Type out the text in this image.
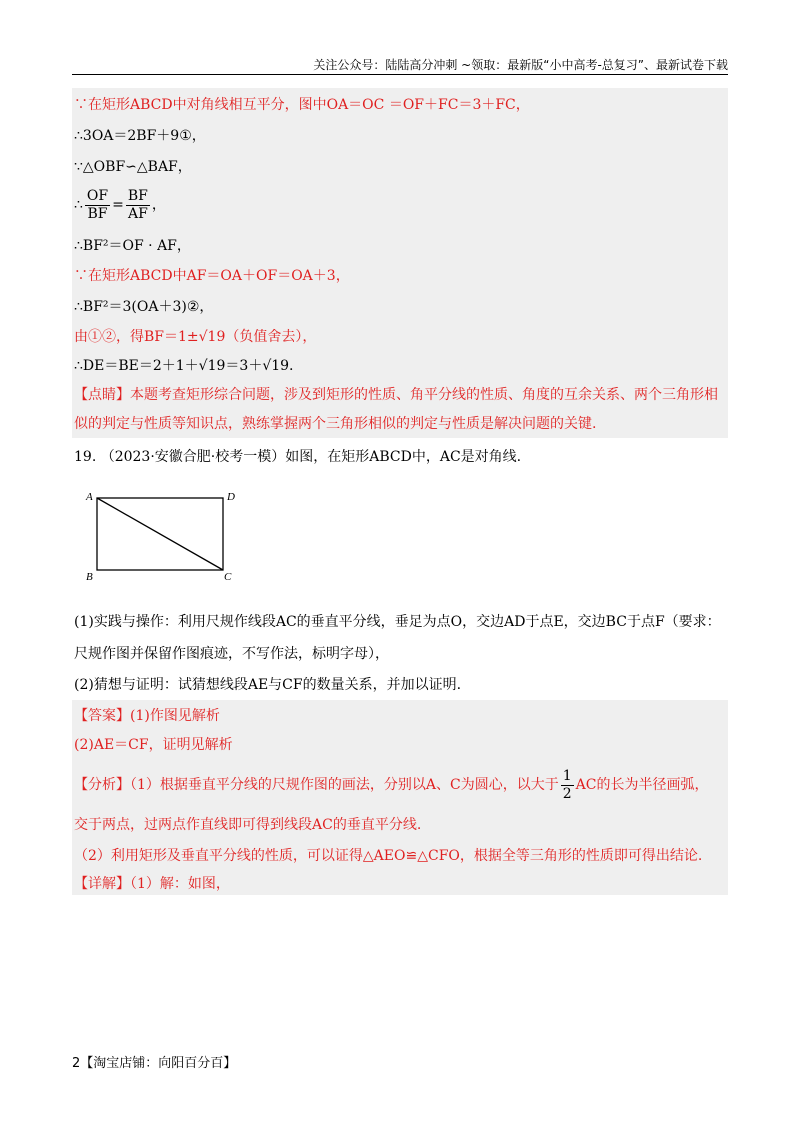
关注公众号：陆陆高分冲刺 ~领取：最新版“小中高考-总复习”、最新试卷下载
∵在矩形ABCD中对角线相互平分，图中OA＝OC ＝OF＋FC＝3＋FC，
∴3OA＝2BF＋9①，
∵△OBF∽△BAF，
∴ $\frac{OF}{BF} = \frac{BF}{AF}$ ，
∴BF²＝OF · AF，
∵在矩形ABCD中AF＝OA＋OF＝OA＋3，
∴BF²＝3(OA＋3)②，
由①②，得BF＝1±√19（负值舍去），
∴DE＝BE＝2＋1＋√19＝3＋√19.
【点睛】本题考查矩形综合问题，涉及到矩形的性质、角平分线的性质、角度的互余关系、两个三角形相
似的判定与性质等知识点，熟练掌握两个三角形相似的判定与性质是解决问题的关键.
19. （2023·安徽合肥·校考一模）如图，在矩形ABCD中，AC是对角线.
A	D
B	C
(1)实践与操作：利用尺规作线段AC的垂直平分线，垂足为点O，交边AD于点E，交边BC于点F（要求：
尺规作图并保留作图痕迹，不写作法，标明字母），
(2)猜想与证明：试猜想线段AE与CF的数量关系，并加以证明.
【答案】(1)作图见解析
(2)AE＝CF，证明见解析
【分析】（1）根据垂直平分线的尺规作图的画法，分别以A、C为圆心，以大于 $\frac{1}{2}$ AC的长为半径画弧，
交于两点，过两点作直线即可得到线段AC的垂直平分线.
（2）利用矩形及垂直平分线的性质，可以证得△AEO≌△CFO，根据全等三角形的性质即可得出结论.
【详解】（1）解：如图，
2【淘宝店铺：向阳百分百】
